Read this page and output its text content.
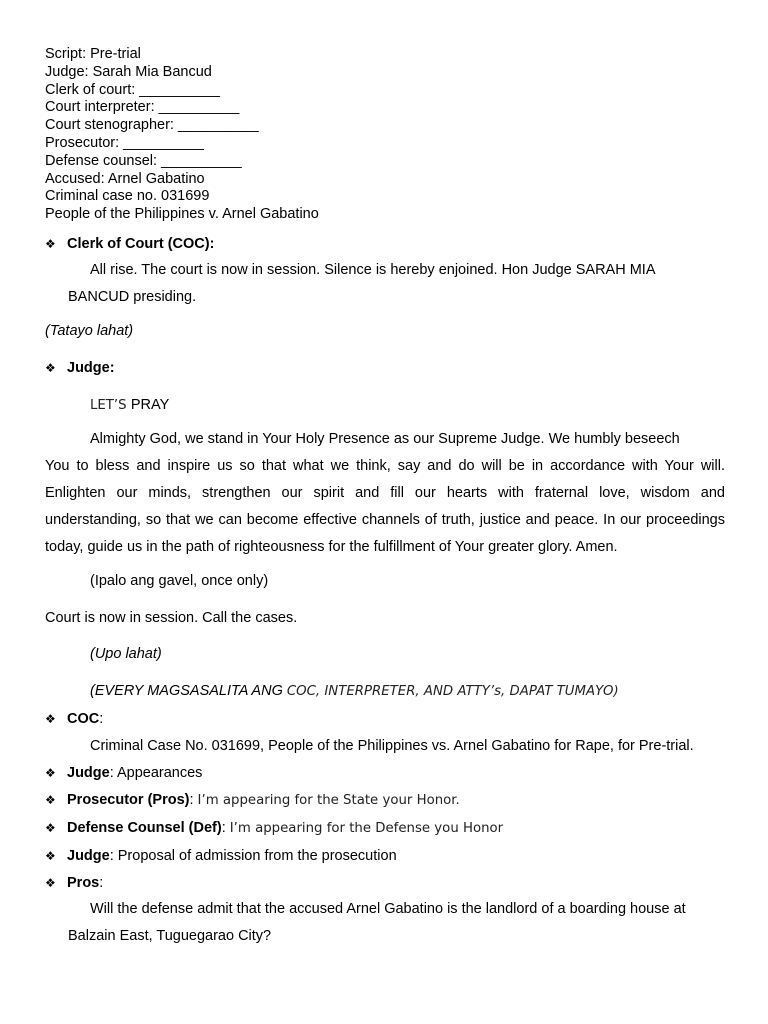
Script: Pre-trial
Judge: Sarah Mia Bancud
Clerk of court: __________
Court interpreter: __________
Court stenographer: __________
Prosecutor: __________
Defense counsel: __________
Accused: Arnel Gabatino
Criminal case no. 031699
People of the Philippines v. Arnel Gabatino
❖ Clerk of Court (COC):
All rise. The court is now in session. Silence is hereby enjoined. Hon Judge SARAH MIA
BANCUD presiding.
(Tatayo lahat)
❖ Judge:
LET’S PRAY
Almighty God, we stand in Your Holy Presence as our Supreme Judge. We humbly beseech
You to bless and inspire us so that what we think, say and do will be in accordance with Your will.
Enlighten our minds, strengthen our spirit and fill our hearts with fraternal love, wisdom and
understanding, so that we can become effective channels of truth, justice and peace. In our proceedings
today, guide us in the path of righteousness for the fulfillment of Your greater glory. Amen.
(Ipalo ang gavel, once only)
Court is now in session. Call the cases.
(Upo lahat)
(EVERY MAGSASALITA ANG COC, INTERPRETER, AND ATTY’s, DAPAT TUMAYO)
❖ COC:
Criminal Case No. 031699, People of the Philippines vs. Arnel Gabatino for Rape, for Pre-trial.
❖ Judge: Appearances
❖ Prosecutor (Pros): I’m appearing for the State your Honor.
❖ Defense Counsel (Def): I’m appearing for the Defense you Honor
❖ Judge: Proposal of admission from the prosecution
❖ Pros:
Will the defense admit that the accused Arnel Gabatino is the landlord of a boarding house at
Balzain East, Tuguegarao City?
